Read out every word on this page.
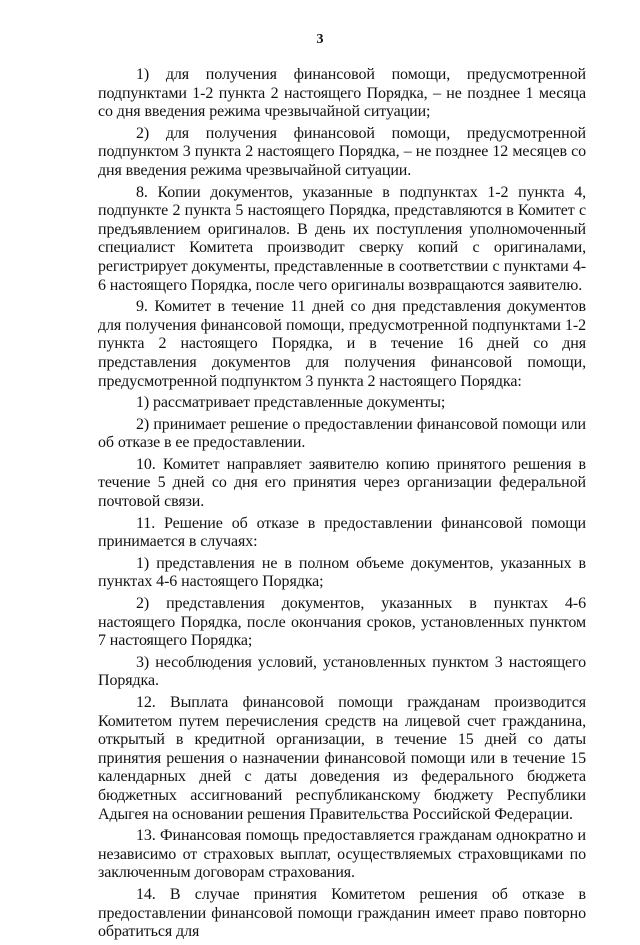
3

1) для получения финансовой помощи, предусмотренной подпунктами 1-2 пункта 2 настоящего Порядка, – не позднее 1 месяца со дня введения режима чрезвычайной ситуации;

2) для получения финансовой помощи, предусмотренной подпунктом 3 пункта 2 настоящего Порядка, – не позднее 12 месяцев со дня введения режима чрезвычайной ситуации.

8. Копии документов, указанные в подпунктах 1-2 пункта 4, подпункте 2 пункта 5 настоящего Порядка, представляются в Комитет с предъявлением оригиналов. В день их поступления уполномоченный специалист Комитета производит сверку копий с оригиналами, регистрирует документы, представленные в соответствии с пунктами 4-6 настоящего Порядка, после чего оригиналы возвращаются заявителю.

9. Комитет в течение 11 дней со дня представления документов для получения финансовой помощи, предусмотренной подпунктами 1-2 пункта 2 настоящего Порядка, и в течение 16 дней со дня представления документов для получения финансовой помощи, предусмотренной подпунктом 3 пункта 2 настоящего Порядка:

1) рассматривает представленные документы;

2) принимает решение о предоставлении финансовой помощи или об отказе в ее предоставлении.

10. Комитет направляет заявителю копию принятого решения в течение 5 дней со дня его принятия через организации федеральной почтовой связи.

11. Решение об отказе в предоставлении финансовой помощи принимается в случаях:

1) представления не в полном объеме документов, указанных в пунктах 4-6 настоящего Порядка;

2) представления документов, указанных в пунктах 4-6 настоящего Порядка, после окончания сроков, установленных пунктом 7 настоящего Порядка;

3) несоблюдения условий, установленных пунктом 3 настоящего Порядка.

12. Выплата финансовой помощи гражданам производится Комитетом путем перечисления средств на лицевой счет гражданина, открытый в кредитной организации, в течение 15 дней со даты принятия решения о назначении финансовой помощи или в течение 15 календарных дней с даты доведения из федерального бюджета бюджетных ассигнований республиканскому бюджету Республики Адыгея на основании решения Правительства Российской Федерации.

13. Финансовая помощь предоставляется гражданам однократно и независимо от страховых выплат, осуществляемых страховщиками по заключенным договорам страхования.

14. В случае принятия Комитетом решения об отказе в предоставлении финансовой помощи гражданин имеет право повторно обратиться для
